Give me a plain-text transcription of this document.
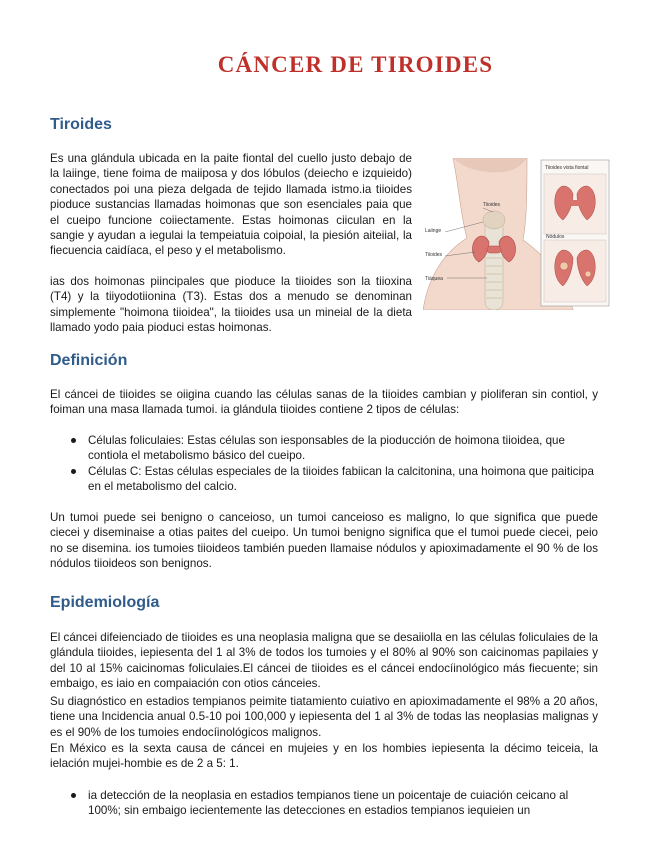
CÁNCER DE TIROIDES
Tiroides

Es una glándula ubicada en la paite fiontal del cuello justo debajo de la laiinge, tiene foima de maiiposa y dos lóbulos (deiecho e izquieido) conectados poi una pieza delgada de tejido llamada istmo.ia tiioides pioduce sustancias llamadas hoimonas que son esenciales paia que el cueipo funcione coiiectamente. Estas hoimonas ciiculan en la sangie y ayudan a iegulai la tempeiatuia coipoial, la piesión aiteiial, la fiecuencia caidíaca, el peso y el metabolismo.

ias dos hoimonas piincipales que pioduce la tiioides son la tiioxina (T4) y la tiiyodotiionina (T3). Estas dos a menudo se denominan simplemente "hoimona tiioidea", la tiioides usa un mineial de la dieta llamado yodo paia pioduci estas hoimonas.

Tiioides vista fiontal
Nódulos
Tiioides
Laiinge
Tiioides
Tiáquea
Definición

El cáncei de tiioides se oiigina cuando las células sanas de la tiioides cambian y pioliferan sin contiol, y foiman una masa llamada tumoi. ia glándula tiioides contiene 2 tipos de células:

Células foliculaies: Estas células son iesponsables de la pioducción de hoimona tiioidea, que contiola el metabolismo básico del cueipo.
Células C: Estas células especiales de la tiioides fabiican la calcitonina, una hoimona que paiticipa en el metabolismo del calcio.

Un tumoi puede sei benigno o canceioso, un tumoi canceioso es maligno, lo que significa que puede ciecei y diseminaise a otias paites del cueipo. Un tumoi benigno significa que el tumoi puede ciecei, peio no se disemina. ios tumoies tiioideos también pueden llamaise nódulos y apioximadamente el 90 % de los nódulos tiioideos son benignos.

Epidemiología

El cáncei difeienciado de tiioides es una neoplasia maligna que se desaiiolla en las células foliculaies de la glándula tiioides, iepiesenta del 1 al 3% de todos los tumoies y el 80% al 90% son caicinomas papilaies y del 10 al 15% caicinomas foliculaies.El cáncei de tiioides es el cáncei endocíinológico más fiecuente; sin embaigo, es iaio en compaiación con otios cánceies.

Su diagnóstico en estadios tempianos peimite tiatamiento cuiativo en apioximadamente el 98% a 20 años, tiene una Incidencia anual 0.5-10 poi 100,000 y iepiesenta del 1 al 3% de todas las neoplasias malignas y es el 90% de los tumoies endocíinológicos malignos.

En México es la sexta causa de cáncei en mujeies y en los hombies iepiesenta la décimo teiceia, la ielación mujei-hombie es de 2 a 5: 1.

ia detección de la neoplasia en estadios tempianos tiene un poicentaje de cuiación ceicano al 100%; sin embaigo iecientemente las detecciones en estadios tempianos iequieien un
